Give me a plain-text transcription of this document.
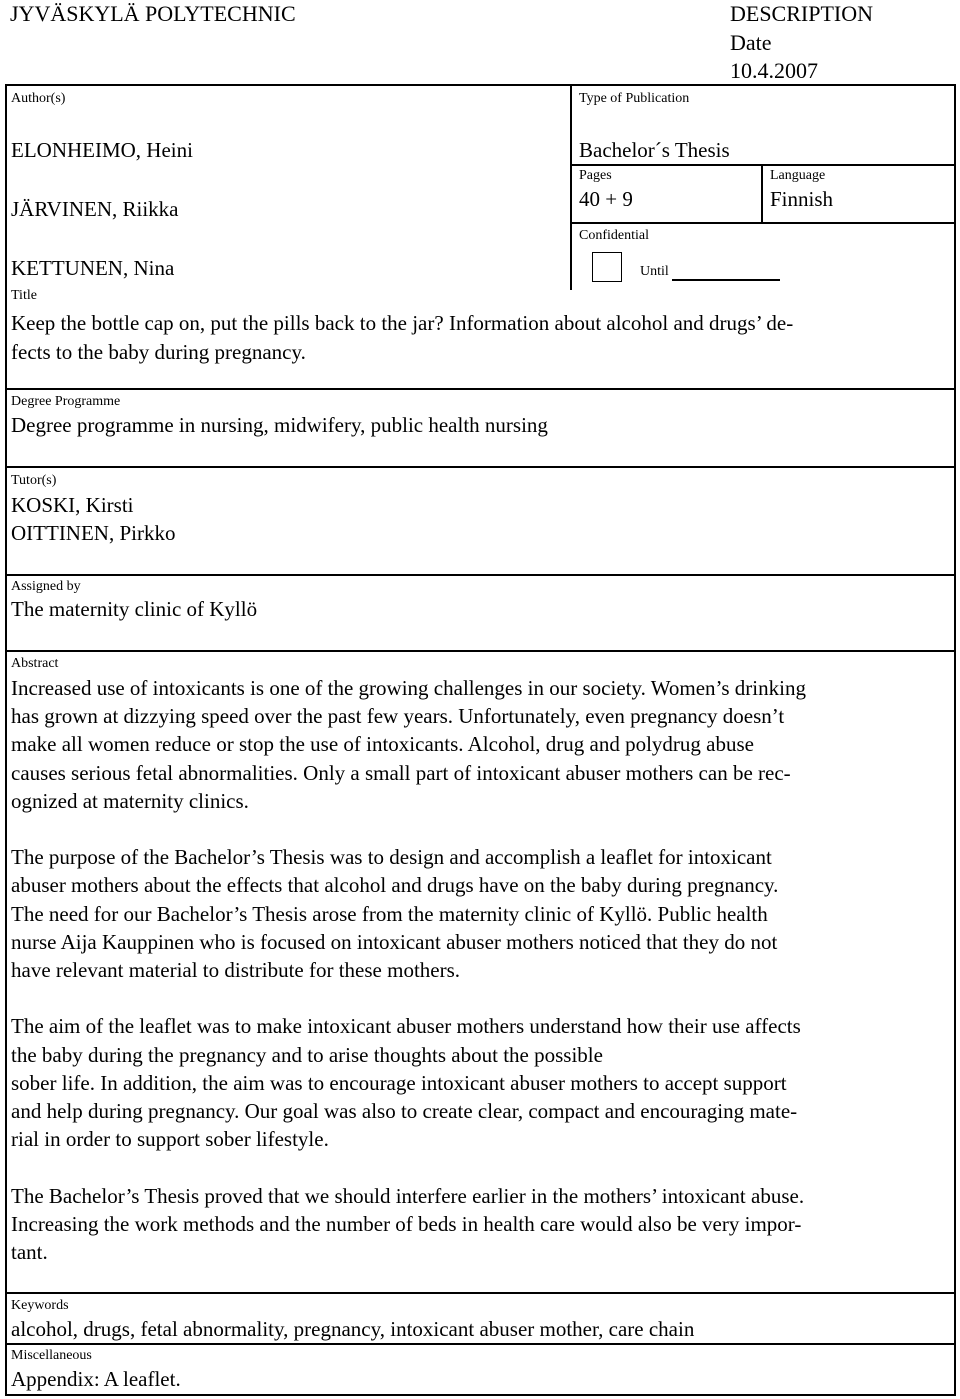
JYVÄSKYLÄ POLYTECHNIC	DESCRIPTION
Date
10.4.2007
Author(s)
ELONHEIMO, Heini
JÄRVINEN, Riikka
KETTUNEN, Nina
Type of Publication
Bachelor´s Thesis
Pages
40 + 9
Language
Finnish
Confidential
Until
Title
Keep the bottle cap on, put the pills back to the jar? Information about alcohol and drugs’ de-
fects to the baby during pregnancy.
Degree Programme
Degree programme in nursing, midwifery, public health nursing
Tutor(s)
KOSKI, Kirsti
OITTINEN, Pirkko
Assigned by
The maternity clinic of Kyllö
Abstract
Increased use of intoxicants is one of the growing challenges in our society. Women’s drinking
has grown at dizzying speed over the past few years. Unfortunately, even pregnancy doesn’t
make all women reduce or stop the use of intoxicants. Alcohol, drug and polydrug abuse
causes serious fetal abnormalities. Only a small part of intoxicant abuser mothers can be rec-
ognized at maternity clinics.
The purpose of the Bachelor’s Thesis was to design and accomplish a leaflet for intoxicant
abuser mothers about the effects that alcohol and drugs have on the baby during pregnancy.
The need for our Bachelor’s Thesis arose from the maternity clinic of Kyllö. Public health
nurse Aija Kauppinen who is focused on intoxicant abuser mothers noticed that they do not
have relevant material to distribute for these mothers.
The aim of the leaflet was to make intoxicant abuser mothers understand how their use affects
the baby during the pregnancy and to arise thoughts about the possible
sober life. In addition, the aim was to encourage intoxicant abuser mothers to accept support
and help during pregnancy. Our goal was also to create clear, compact and encouraging mate-
rial in order to support sober lifestyle.
The Bachelor’s Thesis proved that we should interfere earlier in the mothers’ intoxicant abuse.
Increasing the work methods and the number of beds in health care would also be very impor-
tant.
Keywords
alcohol, drugs, fetal abnormality, pregnancy, intoxicant abuser mother, care chain
Miscellaneous
Appendix: A leaflet.
